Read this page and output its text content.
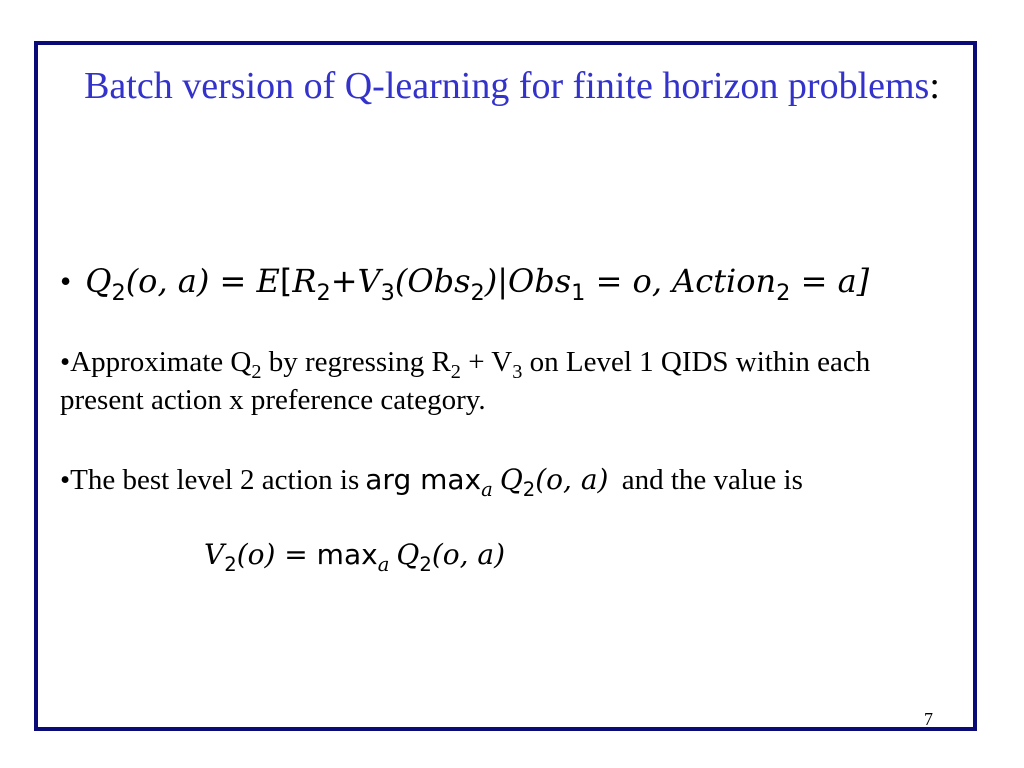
Batch version of Q-learning for finite horizon problems:
• $Q_2(o$, $a) = E[R_2+V_3(Obs_2)|Obs_1 = o$, Action$_2$ = a]
•Approximate $Q_2$ by regressing $R_2 + V_3$ on Level 1 QIDS within each present action x preference category.
•The best level 2 action is arg $\max_a Q_2(o$, a) and the value is
$V_2(o) = \max_a Q_2(o$, a)
7
